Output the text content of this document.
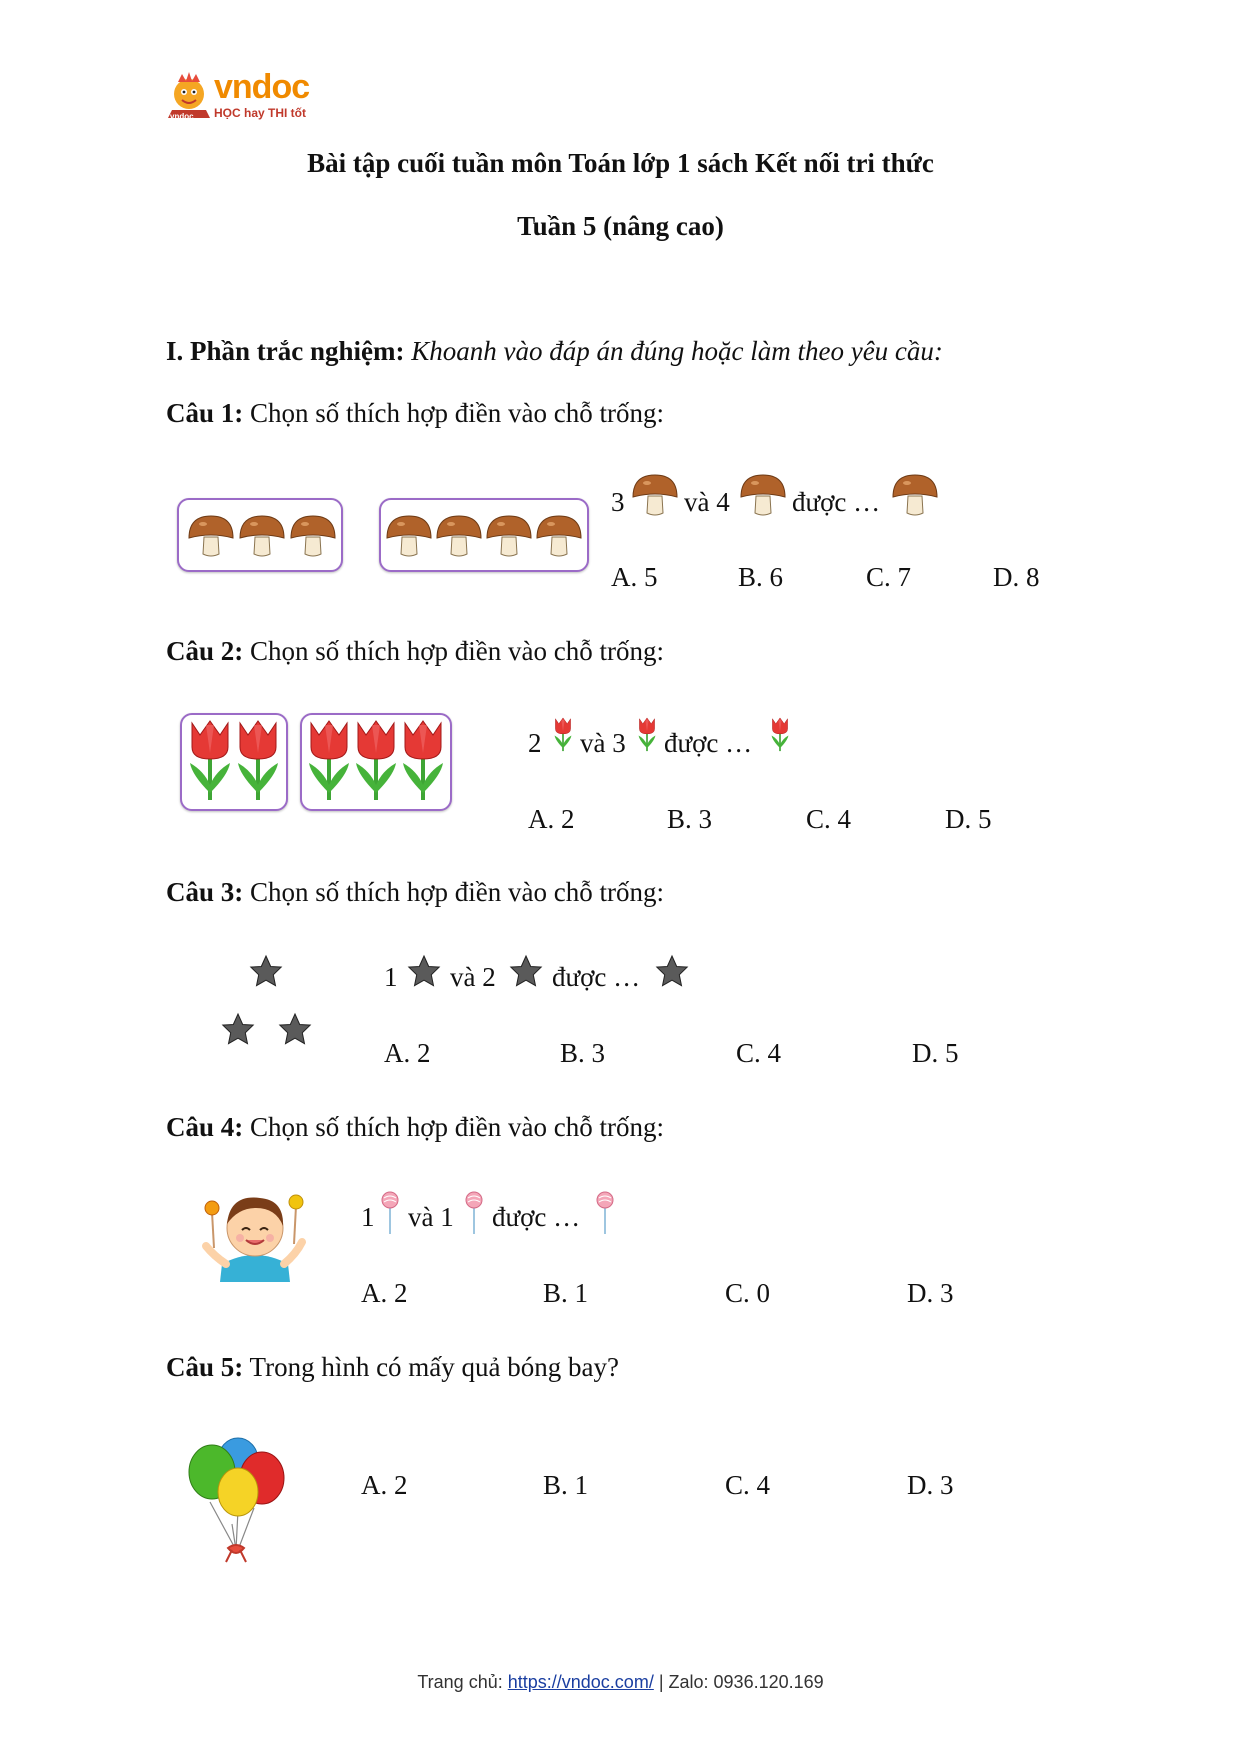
vndoc
vndoc
HỌC hay THI tốt
Bài tập cuối tuần môn Toán lớp 1 sách Kết nối tri thức
Tuần 5 (nâng cao)
I. Phần trắc nghiệm: Khoanh vào đáp án đúng hoặc làm theo yêu cầu:
Câu 1: Chọn số thích hợp điền vào chỗ trống:
3 và 4 được …
A. 5	B. 6	C. 7	D. 8
Câu 2: Chọn số thích hợp điền vào chỗ trống:
2 và 3 được …
A. 2	B. 3	C. 4	D. 5
Câu 3: Chọn số thích hợp điền vào chỗ trống:
1 và 2 được …
A. 2	B. 3	C. 4	D. 5
Câu 4: Chọn số thích hợp điền vào chỗ trống:
1 và 1 được …
A. 2	B. 1	C. 0	D. 3
Câu 5: Trong hình có mấy quả bóng bay?
A. 2	B. 1	C. 4	D. 3
Trang chủ: https://vndoc.com/ | Zalo: 0936.120.169
